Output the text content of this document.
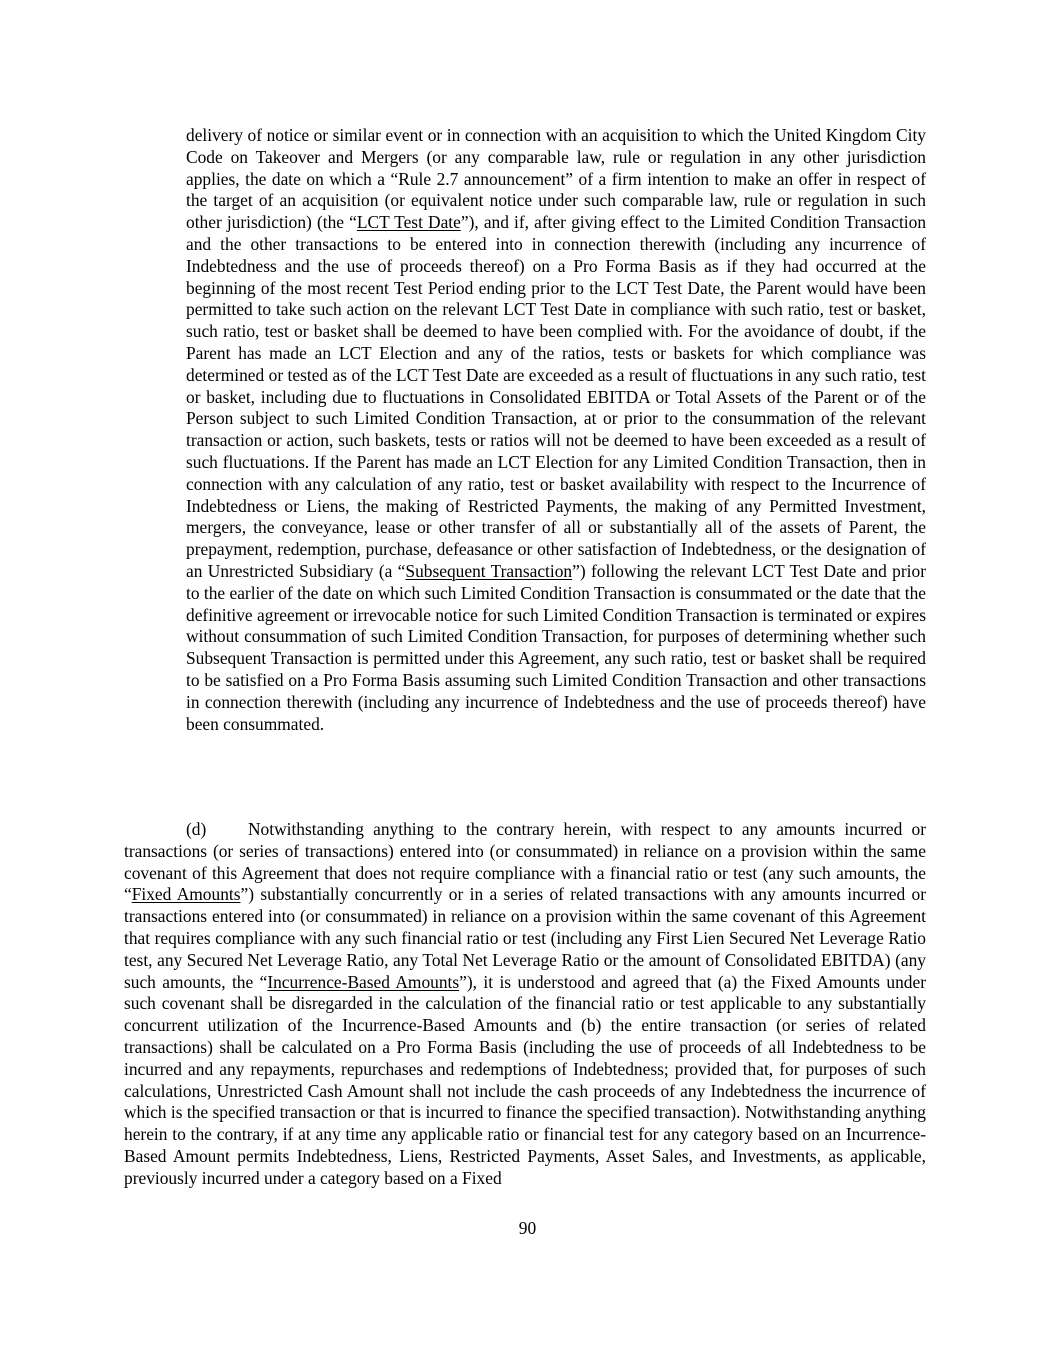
delivery of notice or similar event or in connection with an acquisition to which the United Kingdom City Code on Takeover and Mergers (or any comparable law, rule or regulation in any other jurisdiction applies, the date on which a “Rule 2.7 announcement” of a firm intention to make an offer in respect of the target of an acquisition (or equivalent notice under such comparable law, rule or regulation in such other jurisdiction) (the “LCT Test Date”), and if, after giving effect to the Limited Condition Transaction and the other transactions to be entered into in connection therewith (including any incurrence of Indebtedness and the use of proceeds thereof) on a Pro Forma Basis as if they had occurred at the beginning of the most recent Test Period ending prior to the LCT Test Date, the Parent would have been permitted to take such action on the relevant LCT Test Date in compliance with such ratio, test or basket, such ratio, test or basket shall be deemed to have been complied with. For the avoidance of doubt, if the Parent has made an LCT Election and any of the ratios, tests or baskets for which compliance was determined or tested as of the LCT Test Date are exceeded as a result of fluctuations in any such ratio, test or basket, including due to fluctuations in Consolidated EBITDA or Total Assets of the Parent or of the Person subject to such Limited Condition Transaction, at or prior to the consummation of the relevant transaction or action, such baskets, tests or ratios will not be deemed to have been exceeded as a result of such fluctuations. If the Parent has made an LCT Election for any Limited Condition Transaction, then in connection with any calculation of any ratio, test or basket availability with respect to the Incurrence of Indebtedness or Liens, the making of Restricted Payments, the making of any Permitted Investment, mergers, the conveyance, lease or other transfer of all or substantially all of the assets of Parent, the prepayment, redemption, purchase, defeasance or other satisfaction of Indebtedness, or the designation of an Unrestricted Subsidiary (a “Subsequent Transaction”) following the relevant LCT Test Date and prior to the earlier of the date on which such Limited Condition Transaction is consummated or the date that the definitive agreement or irrevocable notice for such Limited Condition Transaction is terminated or expires without consummation of such Limited Condition Transaction, for purposes of determining whether such Subsequent Transaction is permitted under this Agreement, any such ratio, test or basket shall be required to be satisfied on a Pro Forma Basis assuming such Limited Condition Transaction and other transactions in connection therewith (including any incurrence of Indebtedness and the use of proceeds thereof) have been consummated.

(d) Notwithstanding anything to the contrary herein, with respect to any amounts incurred or transactions (or series of transactions) entered into (or consummated) in reliance on a provision within the same covenant of this Agreement that does not require compliance with a financial ratio or test (any such amounts, the “Fixed Amounts”) substantially concurrently or in a series of related transactions with any amounts incurred or transactions entered into (or consummated) in reliance on a provision within the same covenant of this Agreement that requires compliance with any such financial ratio or test (including any First Lien Secured Net Leverage Ratio test, any Secured Net Leverage Ratio, any Total Net Leverage Ratio or the amount of Consolidated EBITDA) (any such amounts, the “Incurrence-Based Amounts”), it is understood and agreed that (a) the Fixed Amounts under such covenant shall be disregarded in the calculation of the financial ratio or test applicable to any substantially concurrent utilization of the Incurrence-Based Amounts and (b) the entire transaction (or series of related transactions) shall be calculated on a Pro Forma Basis (including the use of proceeds of all Indebtedness to be incurred and any repayments, repurchases and redemptions of Indebtedness; provided that, for purposes of such calculations, Unrestricted Cash Amount shall not include the cash proceeds of any Indebtedness the incurrence of which is the specified transaction or that is incurred to finance the specified transaction). Notwithstanding anything herein to the contrary, if at any time any applicable ratio or financial test for any category based on an Incurrence-Based Amount permits Indebtedness, Liens, Restricted Payments, Asset Sales, and Investments, as applicable, previously incurred under a category based on a Fixed

90
